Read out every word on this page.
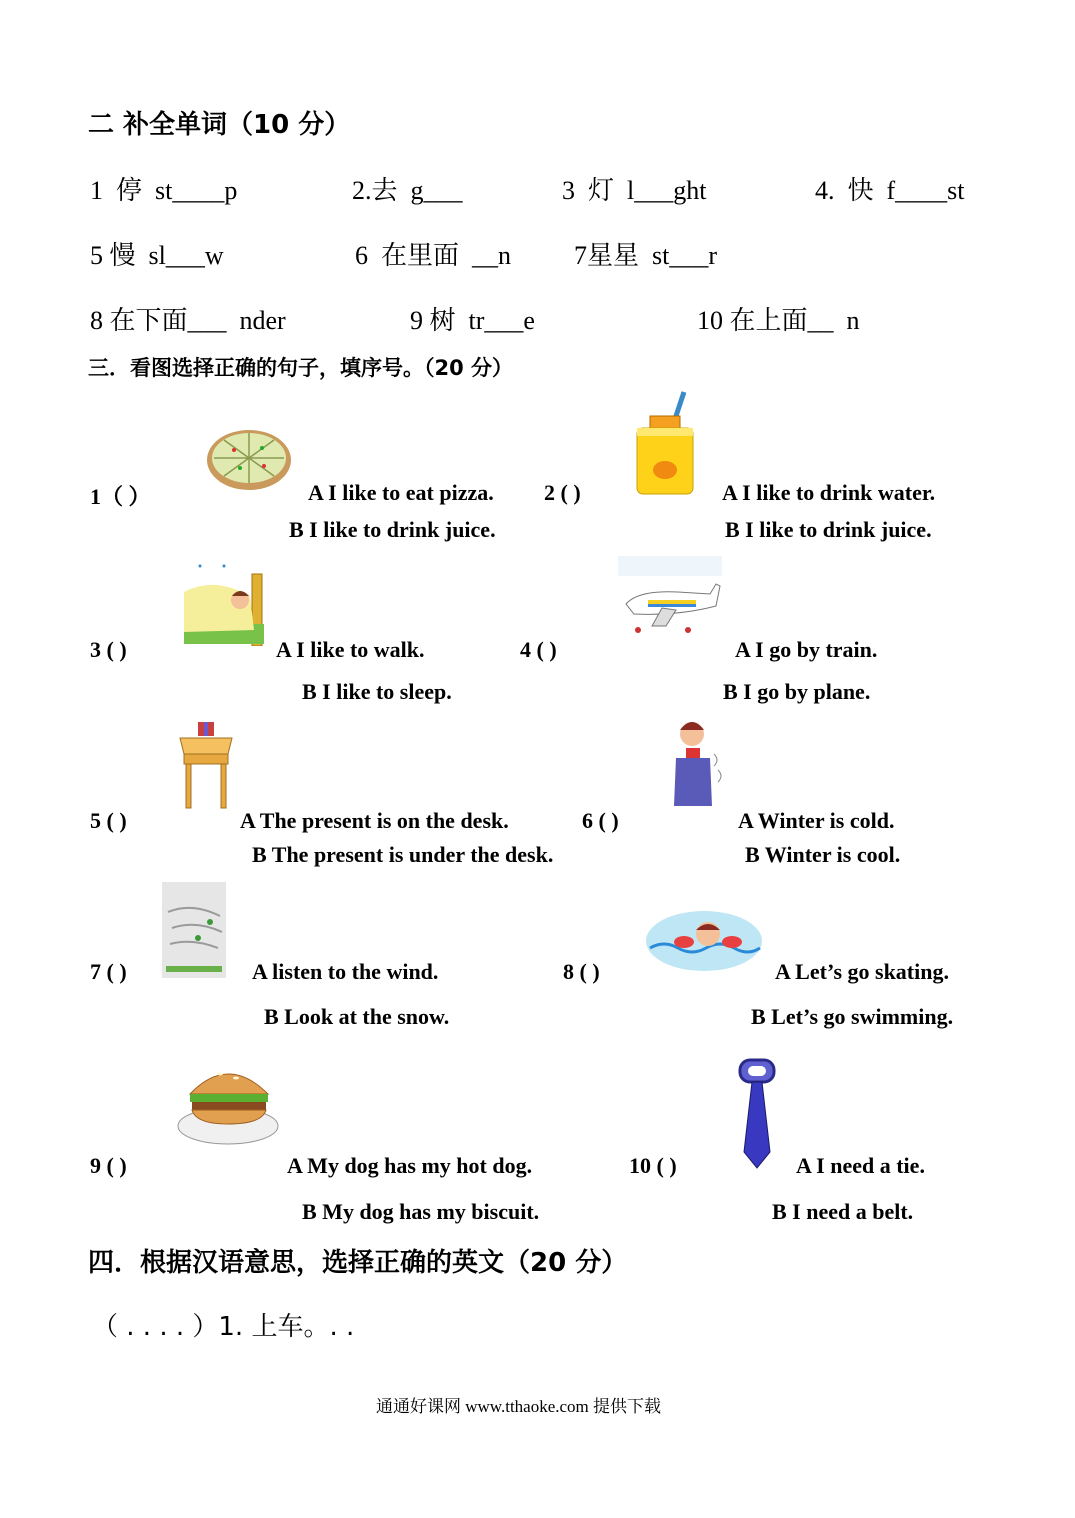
二 补全单词（10 分）
1 停 st____p	2.去 g___	3 灯 l___ght	4. 快 f____st
5 慢 sl___w	6 在里面 __n 7星星 st___r
8 在下面___  nder	9 树 tr___e	10 在上面__  n
三．看图选择正确的句子，填序号。（20 分）
1（ ）	A I like to eat pizza.
B I like to drink juice.
2 ( )	A I like to drink water.
B I like to drink juice.
3 ( )	A I like to walk.
B I like to sleep.
4 ( )	A I go by train.
B I go by plane.
5 ( )	A The present is on the desk.
B The present is under the desk.
6 ( )	A Winter is cold.
B Winter is cool.
7 ( )	A listen to the wind.
B Look at the snow.
8 ( )	A Let’s go skating.
B Let’s go swimming.
9 ( )	A My dog has my hot dog.
B My dog has my biscuit.
10 ( )	A I need a tie.
B I need a belt.
四．根据汉语意思，选择正确的英文（20 分）
（ . . . . ）1. 上车。. .
通通好课网 www.tthaoke.com 提供下载
